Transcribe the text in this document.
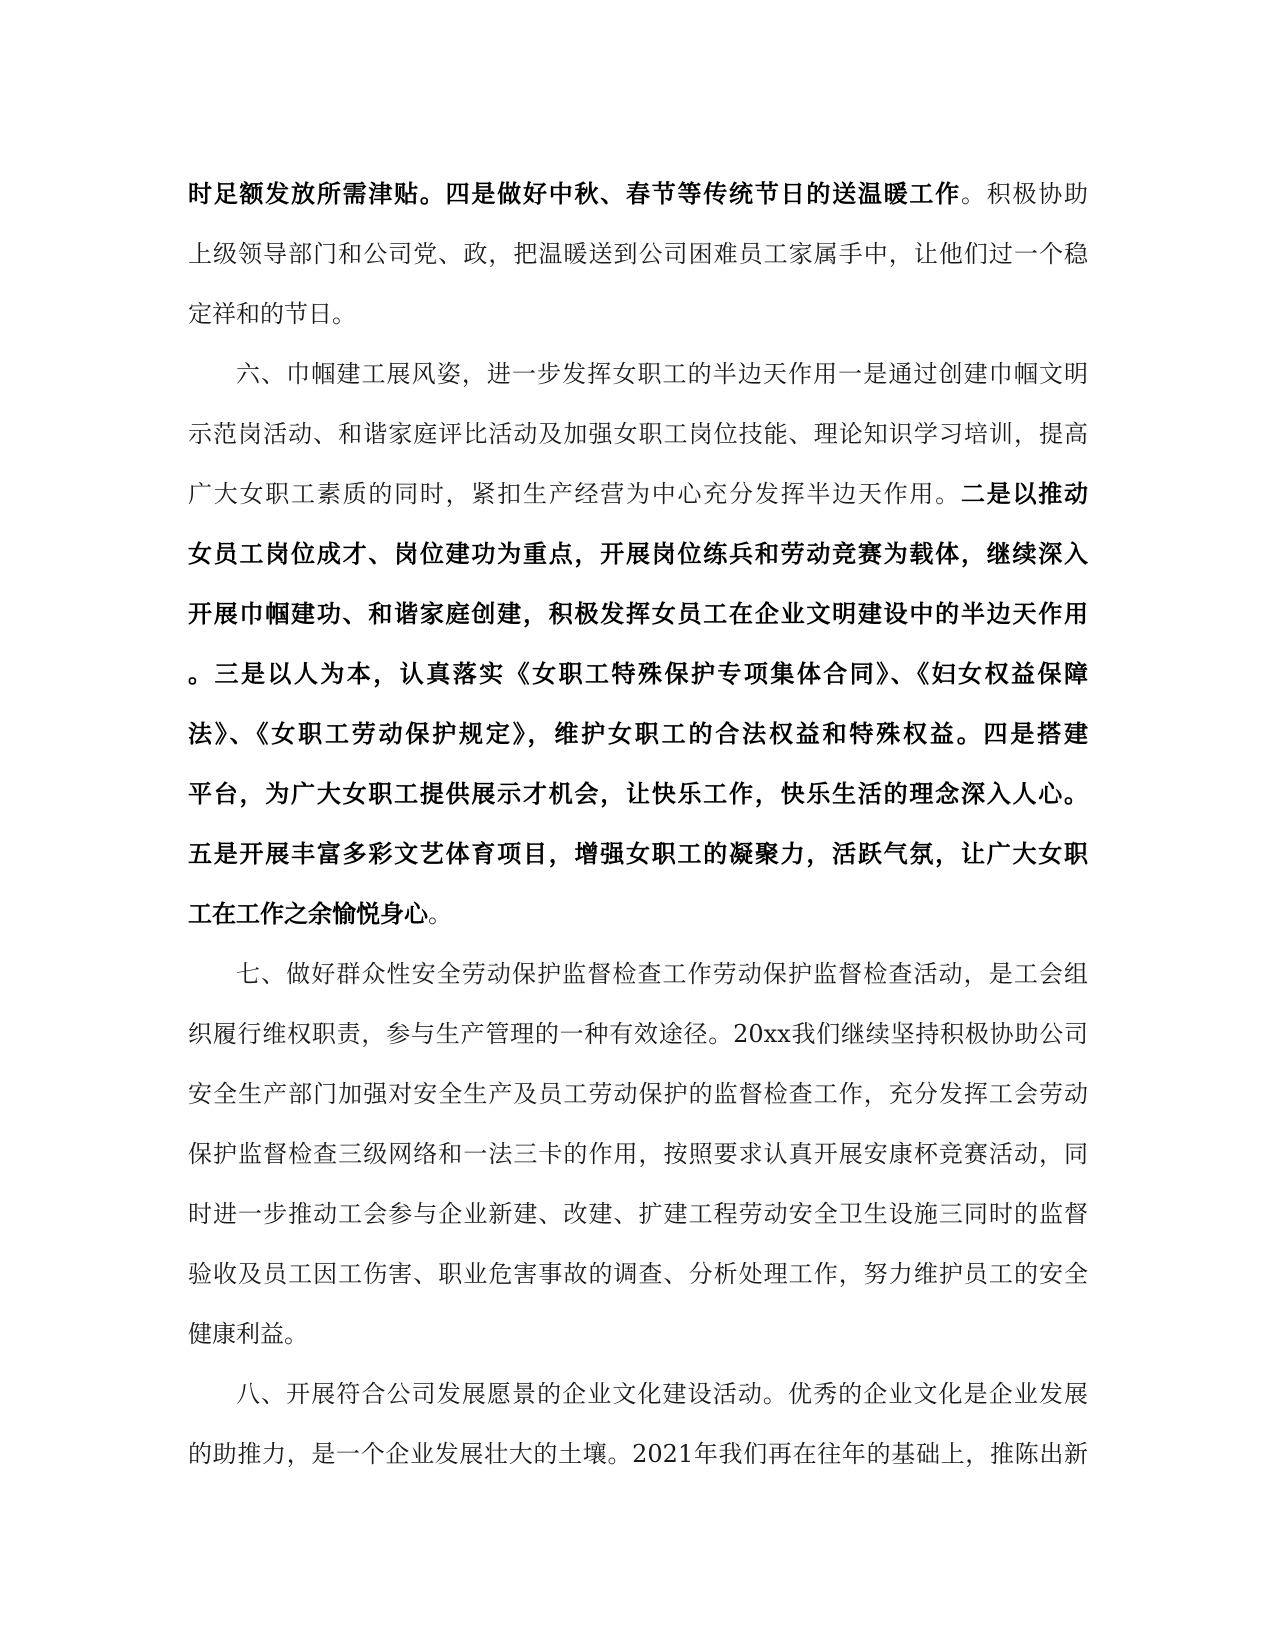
时足额发放所需津贴。四是做好中秋、春节等传统节日的送温暖工作。积极协助
上级领导部门和公司党、政，把温暖送到公司困难员工家属手中，让他们过一个稳
定祥和的节日。
六、巾帼建工展风姿，进一步发挥女职工的半边天作用一是通过创建巾帼文明
示范岗活动、和谐家庭评比活动及加强女职工岗位技能、理论知识学习培训，提高
广大女职工素质的同时，紧扣生产经营为中心充分发挥半边天作用。二是以推动
女员工岗位成才、岗位建功为重点，开展岗位练兵和劳动竞赛为载体，继续深入
开展巾帼建功、和谐家庭创建，积极发挥女员工在企业文明建设中的半边天作用
。三是以人为本，认真落实《女职工特殊保护专项集体合同》、《妇女权益保障
法》、《女职工劳动保护规定》，维护女职工的合法权益和特殊权益。四是搭建
平台，为广大女职工提供展示才机会，让快乐工作，快乐生活的理念深入人心。
五是开展丰富多彩文艺体育项目，增强女职工的凝聚力，活跃气氛，让广大女职
工在工作之余愉悦身心。
七、做好群众性安全劳动保护监督检查工作劳动保护监督检查活动，是工会组
织履行维权职责，参与生产管理的一种有效途径。20xx我们继续坚持积极协助公司
安全生产部门加强对安全生产及员工劳动保护的监督检查工作，充分发挥工会劳动
保护监督检查三级网络和一法三卡的作用，按照要求认真开展安康杯竞赛活动，同
时进一步推动工会参与企业新建、改建、扩建工程劳动安全卫生设施三同时的监督
验收及员工因工伤害、职业危害事故的调查、分析处理工作，努力维护员工的安全
健康利益。
八、开展符合公司发展愿景的企业文化建设活动。优秀的企业文化是企业发展
的助推力，是一个企业发展壮大的土壤。2021年我们再在往年的基础上，推陈出新
